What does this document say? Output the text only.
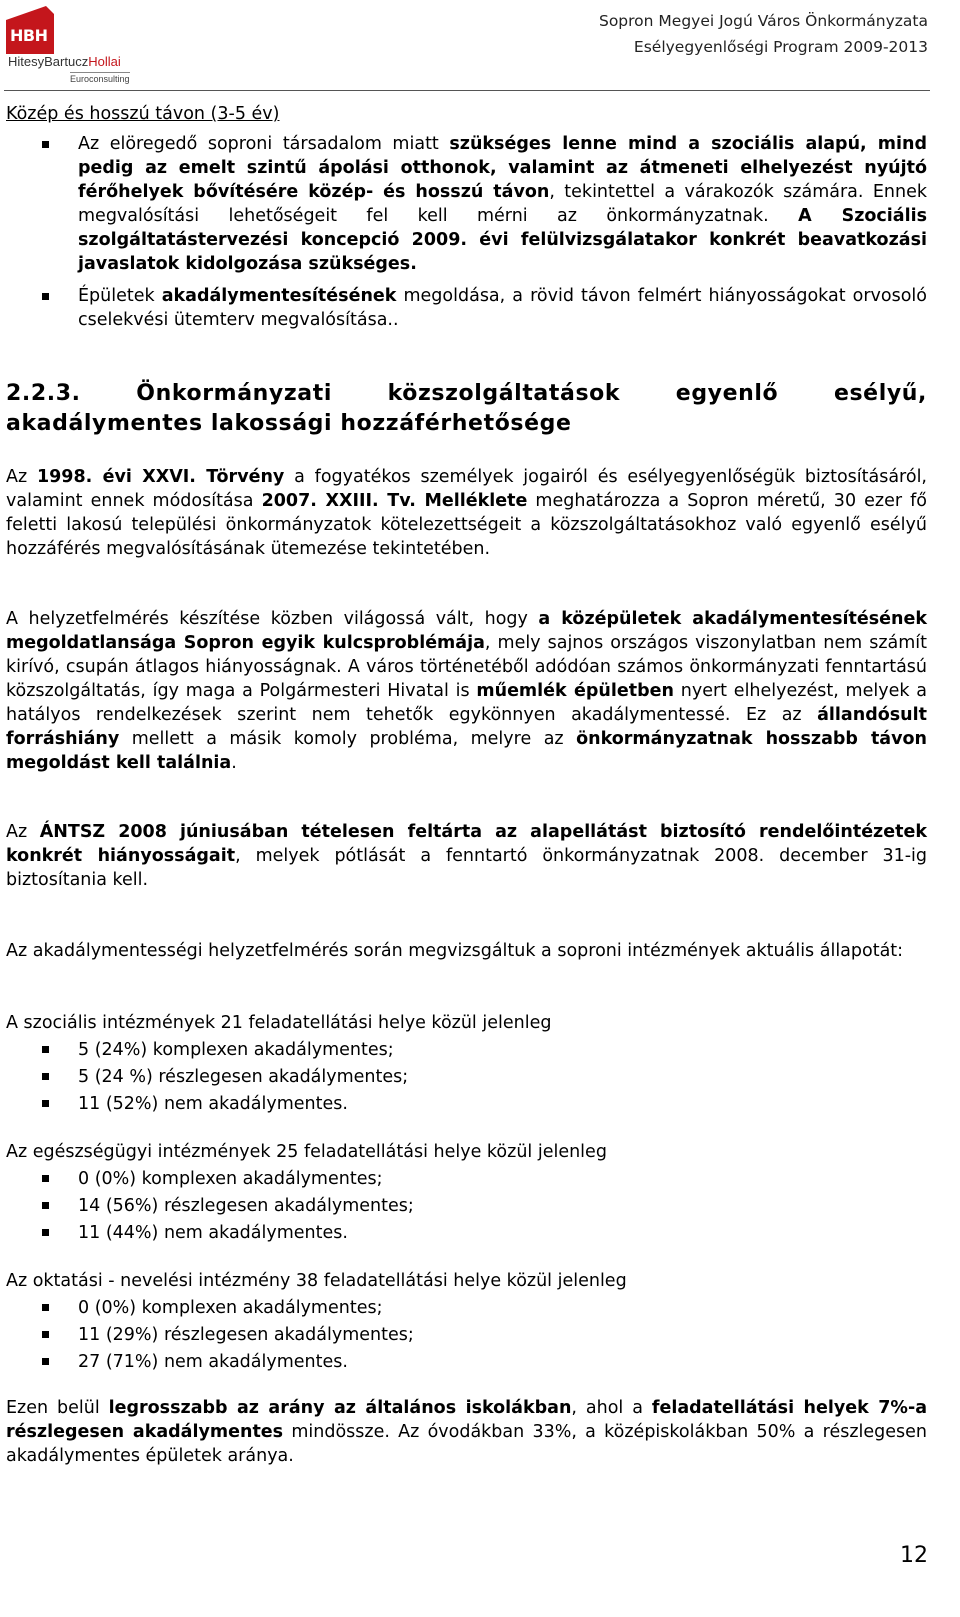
HBH
HitesyBartuczHollai
Euroconsulting
Sopron Megyei Jogú Város Önkormányzata
Esélyegyenlőségi Program 2009-2013
Közép és hosszú távon (3-5 év)
Az elöregedő soproni társadalom miatt szükséges lenne mind a szociális alapú, mind pedig az emelt szintű ápolási otthonok, valamint az átmeneti elhelyezést nyújtó férőhelyek bővítésére közép- és hosszú távon, tekintettel a várakozók számára. Ennek megvalósítási lehetőségeit fel kell mérni az önkormányzatnak. A Szociális szolgáltatástervezési koncepció 2009. évi felülvizsgálatakor konkrét beavatkozási javaslatok kidolgozása szükséges.
Épületek akadálymentesítésének megoldása, a rövid távon felmért hiányosságokat orvosoló cselekvési ütemterv megvalósítása..
2.2.3. Önkormányzati közszolgáltatások egyenlő esélyű, akadálymentes lakossági hozzáférhetősége
Az 1998. évi XXVI. Törvény a fogyatékos személyek jogairól és esélyegyenlőségük biztosításáról, valamint ennek módosítása 2007. XXIII. Tv. Melléklete meghatározza a Sopron méretű, 30 ezer fő feletti lakosú települési önkormányzatok kötelezettségeit a közszolgáltatásokhoz való egyenlő esélyű hozzáférés megvalósításának ütemezése tekintetében.
A helyzetfelmérés készítése közben világossá vált, hogy a középületek akadálymentesítésének megoldatlansága Sopron egyik kulcsproblémája, mely sajnos országos viszonylatban nem számít kirívó, csupán átlagos hiányosságnak. A város történetéből adódóan számos önkormányzati fenntartású közszolgáltatás, így maga a Polgármesteri Hivatal is műemlék épületben nyert elhelyezést, melyek a hatályos rendelkezések szerint nem tehetők egykönnyen akadálymentessé. Ez az állandósult forráshiány mellett a másik komoly probléma, melyre az önkormányzatnak hosszabb távon megoldást kell találnia.
Az ÁNTSZ 2008 júniusában tételesen feltárta az alapellátást biztosító rendelőintézetek konkrét hiányosságait, melyek pótlását a fenntartó önkormányzatnak 2008. december 31-ig biztosítania kell.
Az akadálymentességi helyzetfelmérés során megvizsgáltuk a soproni intézmények aktuális állapotát:
A szociális intézmények 21 feladatellátási helye közül jelenleg
5 (24%) komplexen akadálymentes;
5 (24 %) részlegesen akadálymentes;
11 (52%) nem akadálymentes.
Az egészségügyi intézmények 25 feladatellátási helye közül jelenleg
0 (0%) komplexen akadálymentes;
14 (56%) részlegesen akadálymentes;
11 (44%) nem akadálymentes.
Az oktatási - nevelési intézmény 38 feladatellátási helye közül jelenleg
0 (0%) komplexen akadálymentes;
11 (29%) részlegesen akadálymentes;
27 (71%) nem akadálymentes.
Ezen belül legrosszabb az arány az általános iskolákban, ahol a feladatellátási helyek 7%-a részlegesen akadálymentes mindössze. Az óvodákban 33%, a középiskolákban 50% a részlegesen akadálymentes épületek aránya.
12
